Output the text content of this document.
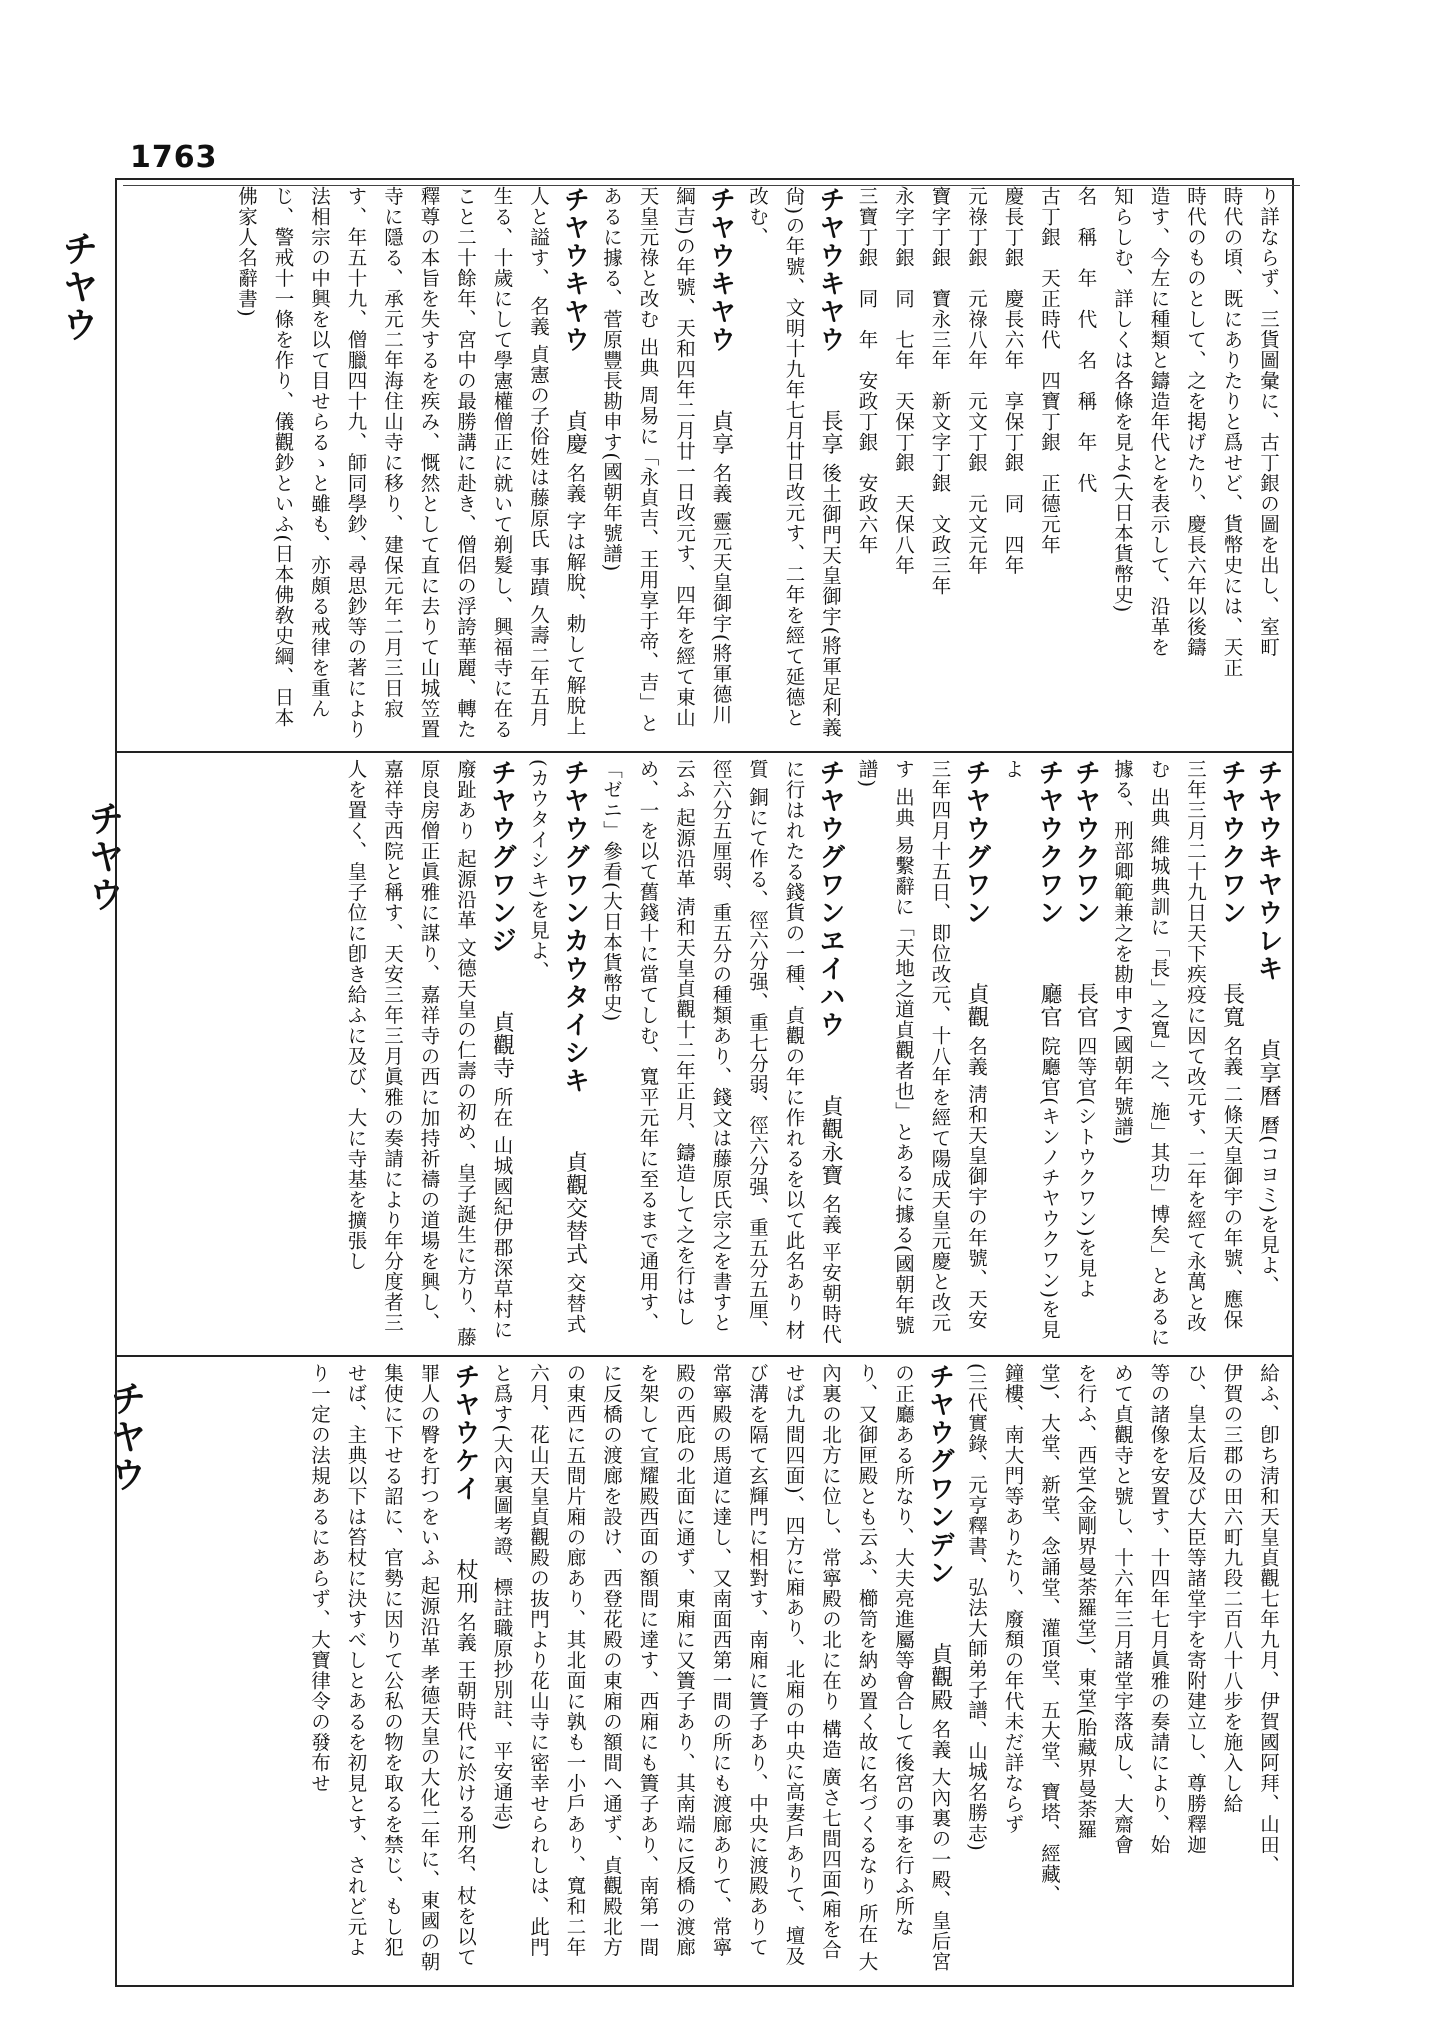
1763
チヤウ
チヤウ
チヤウ
り詳ならず、三貨圖彙に、古丁銀の圖を出し、室町
時代の頃、既にありたりと爲せど、貨幣史には、天正
時代のものとして、之を掲げたり、慶長六年以後鑄
造す、今左に種類と鑄造年代とを表示して、沿革を
知らしむ、詳しくは各條を見よ(大日本貨幣史)
名　稱　年　代　名　稱　年　代
古丁銀　天正時代　四寶丁銀　正德元年
慶長丁銀　慶長六年　享保丁銀　同　四年
元祿丁銀　元祿八年　元文丁銀　元文元年
寶字丁銀　寶永三年　新文字丁銀　文政三年
永字丁銀　同　七年　天保丁銀　天保八年
三寶丁銀　同　年　安政丁銀　安政六年

チヤウキヤウ 長享 後土御門天皇御宇(將軍足利義尙)の年號、文明十九年七月廿日改元す、二年を經て延德と改む、

チヤウキヤウ 貞享 名義 靈元天皇御宇(將軍德川綱吉)の年號、天和四年二月廿一日改元す、四年を經て東山天皇元祿と改む 出典 周易に「永貞吉、王用享于帝、吉」とあるに據る、菅原豐長勘申す(國朝年號譜)

チヤウキヤウ 貞慶 名義 字は解脫、勅して解脫上人と謚す、 名義 貞憲の子俗姓は藤原氏 事蹟 久壽二年五月生る、十歲にして學憲權僧正に就いて剃髮し、興福寺に在ること二十餘年、宮中の最勝講に赴き、僧侶の浮誇華麗、轉た釋尊の本旨を失するを疾み、慨然として直に去りて山城笠置寺に隱る、承元二年海住山寺に移り、建保元年二月三日寂す、年五十九、僧臘四十九、師同學鈔、尋思鈔等の著により法相宗の中興を以て目せらるゝと雖も、亦頗る戒律を重んじ、警戒十一條を作り、儀觀鈔といふ(日本佛敎史綱、日本佛家人名辭書)

チヤウキヤウレキ 貞享曆 曆(コヨミ)を見よ、

チヤウクワン 長寬 名義 二條天皇御宇の年號、應保三年三月二十九日天下疾疫に因て改元す、二年を經て永萬と改む 出典 維城典訓に「長」之寬」之、施」其功」博矣」とあるに據る、刑部卿範兼之を勘申す(國朝年號譜)

チヤウクワン 長官 四等官(シトウクワン)を見よ

チヤウクワン 廳官 院廳官(キンノチヤウクワン)を見よ

チヤウグワン 貞觀 名義 淸和天皇御宇の年號、天安三年四月十五日、即位改元、十八年を經て陽成天皇元慶と改元す 出典 易繫辭に「天地之道貞觀者也」とあるに據る(國朝年號譜)

チヤウグワンヱイハウ 貞觀永寶 名義 平安朝時代に行はれたる錢貨の一種、貞觀の年に作れるを以て此名あり 材質 銅にて作る、徑六分强、重七分弱、徑六分强、重五分五厘、徑六分五厘弱、重五分の種類あり、錢文は藤原氏宗之を書すと云ふ 起源沿革 淸和天皇貞觀十二年正月、鑄造して之を行はしめ、一を以て舊錢十に當てしむ、寬平元年に至るまで通用す、「ゼニ」參看(大日本貨幣史)

チヤウグワンカウタイシキ 貞觀交替式 交替式(カウタイシキ)を見よ、

チヤウグワンジ 貞觀寺 所在 山城國紀伊郡深草村に廢趾あり 起源沿革 文德天皇の仁壽の初め、皇子誕生に方り、藤原良房僧正眞雅に謀り、嘉祥寺の西に加持祈禱の道場を興し、嘉祥寺西院と稱す、天安三年三月眞雅の奏請により年分度者三人を置く、皇子位に卽き給ふに及び、大に寺基を擴張し

給ふ、卽ち淸和天皇貞觀七年九月、伊賀國阿拜、山田、
伊賀の三郡の田六町九段二百八十八步を施入し給
ひ、皇太后及び大臣等諸堂宇を寄附建立し、尊勝釋迦
等の諸像を安置す、十四年七月眞雅の奏請により、始
めて貞觀寺と號し、十六年三月諸堂宇落成し、大齋會
を行ふ、西堂(金剛界曼荼羅堂)、東堂(胎藏界曼荼羅
堂)、大堂、新堂、念誦堂、灌頂堂、五大堂、寶塔、經藏、
鐘樓、南大門等ありたり、廢頽の年代未だ詳ならず
(三代實錄、元亨釋書、弘法大師弟子譜、山城名勝志)

チヤウグワンデン 貞觀殿 名義 大內裏の一殿、皇后宮の正廳ある所なり、大夫亮進屬等會合して後宮の事を行ふ所なり、又御匣殿とも云ふ、櫛笥を納め置く故に名づくるなり 所在 大內裏の北方に位し、常寧殿の北に在り 構造 廣さ七間四面(廂を合せば九間四面)、四方に廂あり、北廂の中央に高妻戶ありて、壇及び溝を隔て玄輝門に相對す、南廂に簀子あり、中央に渡殿ありて常寧殿の馬道に達し、又南面西第一間の所にも渡廊ありて、常寧殿の西庇の北面に通ず、東廂に又簀子あり、其南端に反橋の渡廊を架して宣耀殿西面の額間に達す、西廂にも簀子あり、南第一間に反橋の渡廊を設け、西登花殿の東廂の額間へ通ず、貞觀殿北方の東西に五間片廂の廊あり、其北面に孰も一小戶あり、寬和二年六月、花山天皇貞觀殿の抜門より花山寺に密幸せられしは、此門と爲す(大內裏圖考證、標註職原抄別註、平安通志)

チヤウケイ 杖刑 名義 王朝時代に於ける刑名、杖を以て罪人の臀を打つをいふ 起源沿革 孝德天皇の大化二年に、東國の朝集使に下せる詔に、官勢に因りて公私の物を取るを禁じ、もし犯せば、主典以下は笞杖に決すべしとあるを初見とす、されど元より一定の法規あるにあらず、大寶律令の發布せ
